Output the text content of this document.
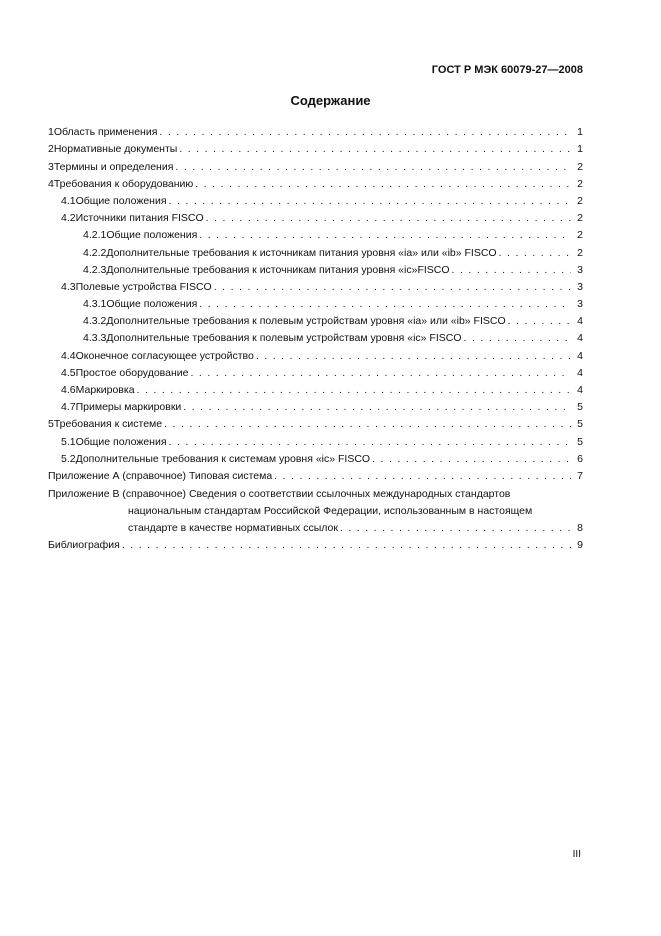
ГОСТ Р МЭК 60079-27—2008
Содержание
1 Область применения . . .	1
2 Нормативные документы . . .	1
3 Термины и определения . . .	2
4 Требования к оборудованию . . .	2
4.1 Общие положения . . .	2
4.2 Источники питания FISCO . . .	2
4.2.1 Общие положения . . .	2
4.2.2 Дополнительные требования к источникам питания уровня «ia» или «ib» FISCO . . .	2
4.2.3 Дополнительные требования к источникам питания уровня «ic»FISCO . . .	3
4.3 Полевые устройства FISCO . . .	3
4.3.1 Общие положения . . .	3
4.3.2 Дополнительные требования к полевым устройствам уровня «ia» или «ib» FISCO . . .	4
4.3.3 Дополнительные требования к полевым устройствам уровня «ic» FISCO . . .	4
4.4 Оконечное согласующее устройство . . .	4
4.5 Простое оборудование . . .	4
4.6 Маркировка . . .	4
4.7 Примеры маркировки . . .	5
5 Требования к системе . . .	5
5.1 Общие положения . . .	5
5.2 Дополнительные требования к системам уровня «ic» FISCO . . .	6
Приложение А (справочное) Типовая система . . .	7
Приложение В (справочное) Сведения о соответствии ссылочных международных стандартов
национальным стандартам Российской Федерации, использованным в настоящем
стандарте в качестве нормативных ссылок . . .	8
Библиография . . .	9
III
